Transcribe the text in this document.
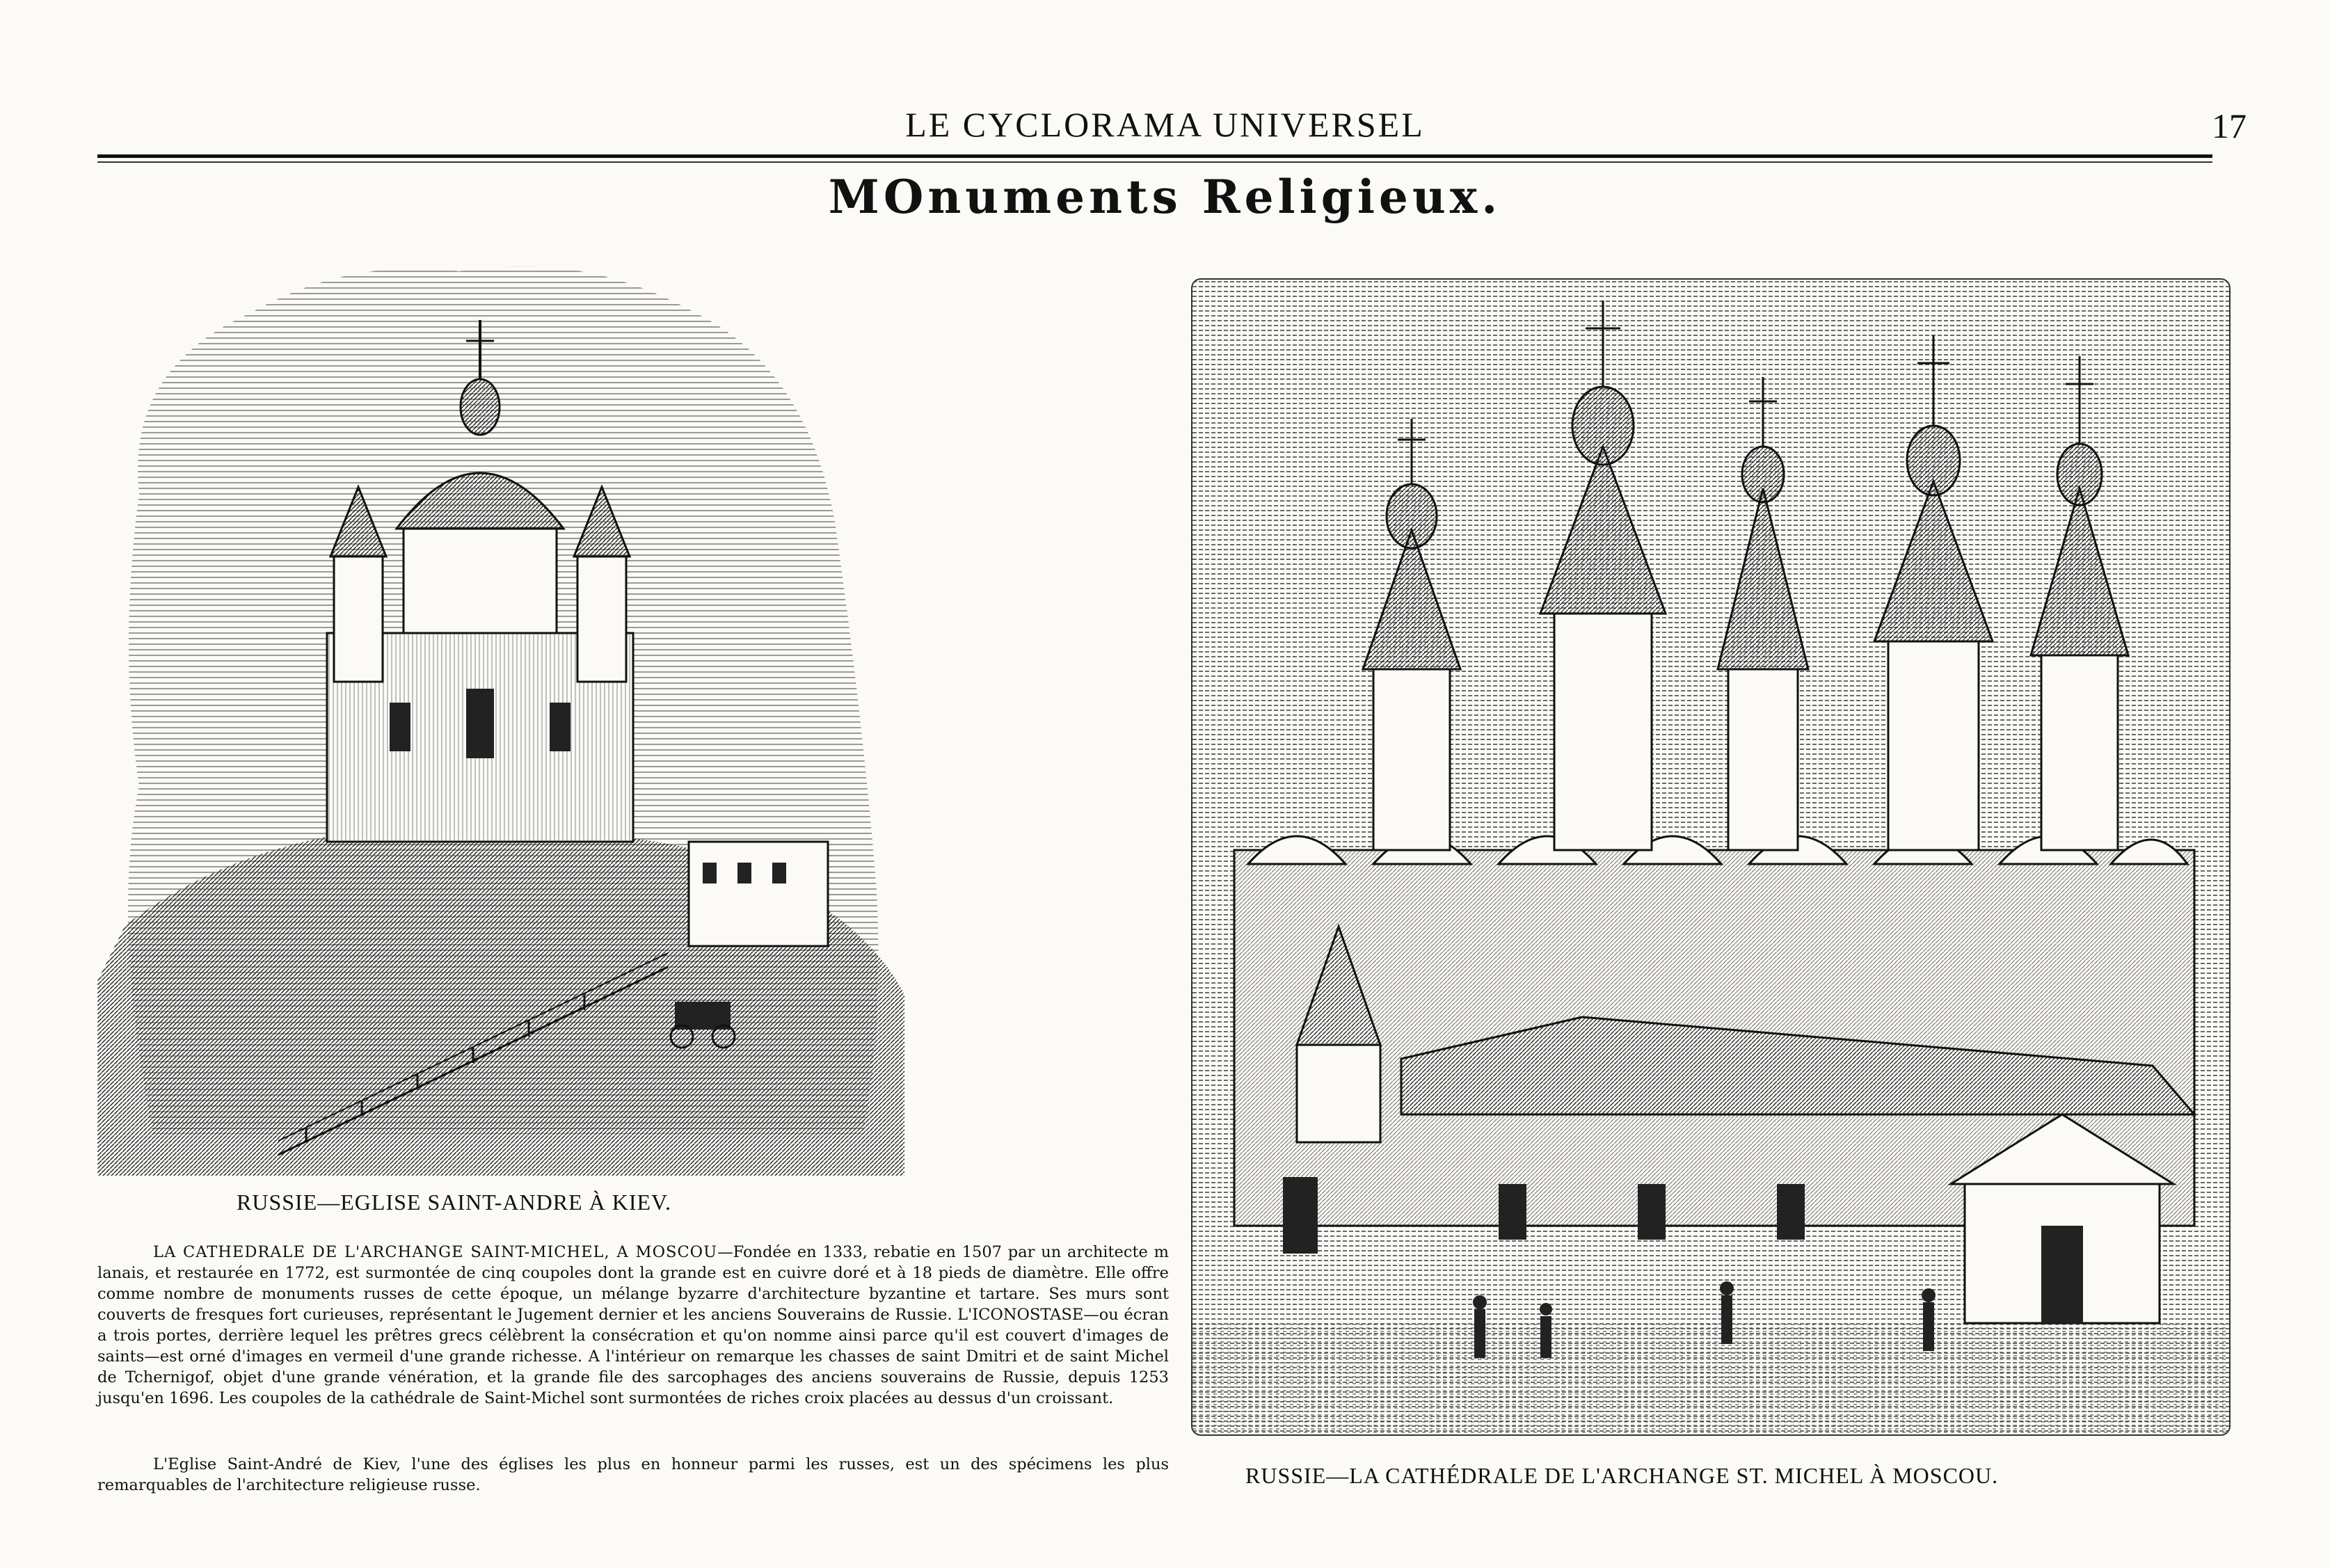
LE CYCLORAMA UNIVERSEL	17
MOnuments Religieux.
RUSSIE—EGLISE SAINT-ANDRE À KIEV.
RUSSIE—LA CATHÉDRALE DE L'ARCHANGE ST. MICHEL À MOSCOU.
LA CATHEDRALE DE L'ARCHANGE SAINT-MICHEL, A MOSCOU—Fondée en 1333, rebatie en 1507 par un architecte m lanais, et restaurée en 1772, est surmontée de cinq coupoles dont la grande est en cuivre doré et à 18 pieds de diamètre. Elle offre comme nombre de monuments russes de cette époque, un mélange byzarre d'architecture byzantine et tartare. Ses murs sont couverts de fresques fort curieuses, représentant le Jugement dernier et les anciens Souverains de Russie. L'ICONOSTASE—ou écran a trois portes, derrière lequel les prêtres grecs célèbrent la consécration et qu'on nomme ainsi parce qu'il est couvert d'images de saints—est orné d'images en vermeil d'une grande richesse. A l'intérieur on remarque les chasses de saint Dmitri et de saint Michel de Tchernigof, objet d'une grande vénération, et la grande file des sarcophages des anciens souverains de Russie, depuis 1253 jusqu'en 1696. Les coupoles de la cathédrale de Saint-Michel sont surmontées de riches croix placées au dessus d'un croissant.
L'Eglise Saint-André de Kiev, l'une des églises les plus en honneur parmi les russes, est un des spécimens les plus remarquables de l'architecture religieuse russe.
